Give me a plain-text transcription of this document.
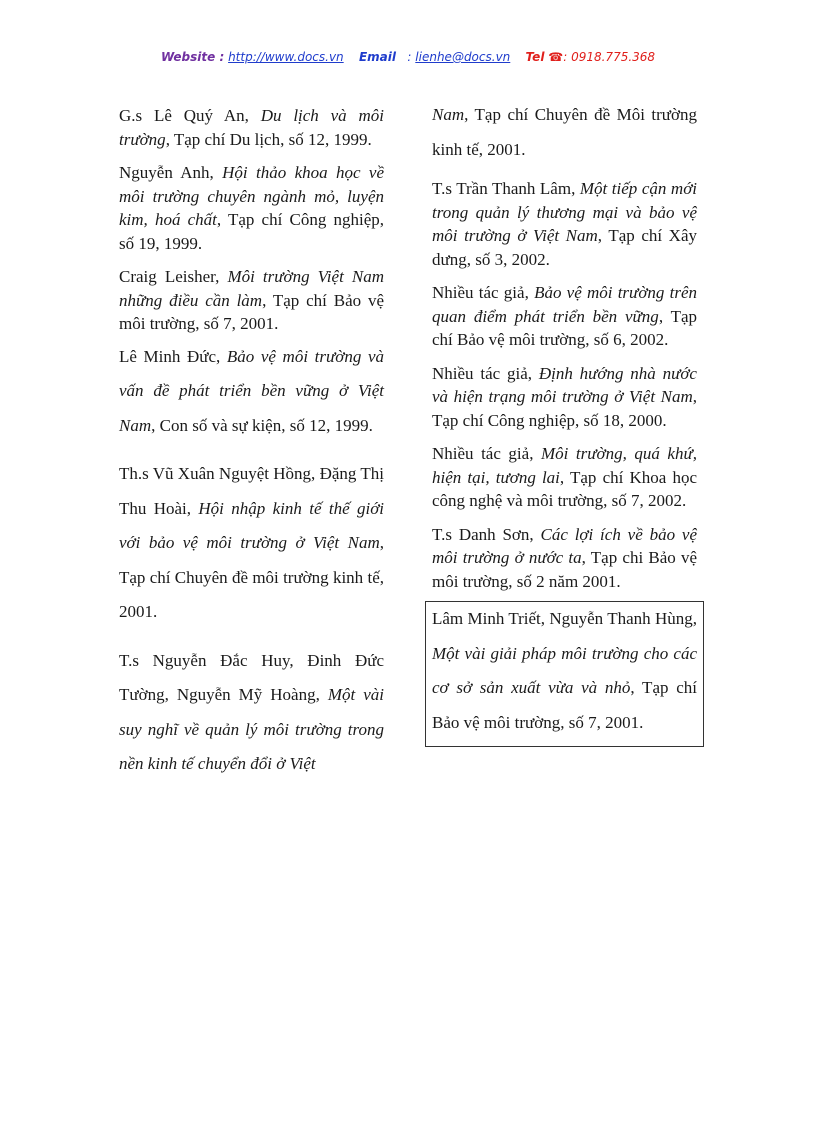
Website : http://www.docs.vn Email : lienhe@docs.vn Tel ☎: 0918.775.368

G.s Lê Quý An, Du lịch và môi trường, Tạp chí Du lịch, số 12, 1999.

Nguyễn Anh, Hội thảo khoa học về môi trường chuyên ngành mỏ, luyện kim, hoá chất, Tạp chí Công nghiệp, số 19, 1999.

Craig Leisher, Môi trường Việt Nam những điều cần làm, Tạp chí Bảo vệ môi trường, số 7, 2001.

Lê Minh Đức, Bảo vệ môi trường và vấn đề phát triển bền vững ở Việt Nam, Con số và sự kiện, số 12, 1999.

Th.s Vũ Xuân Nguyệt Hồng, Đặng Thị Thu Hoài, Hội nhập kinh tế thế giới với bảo vệ môi trường ở Việt Nam, Tạp chí Chuyên đề môi trường kinh tế, 2001.

T.s Nguyễn Đắc Huy, Đinh Đức Tường, Nguyễn Mỹ Hoàng, Một vài suy nghĩ về quản lý môi trường trong nền kinh tế chuyển đổi ở Việt

Nam, Tạp chí Chuyên đề Môi trường kinh tế, 2001.

T.s Trần Thanh Lâm, Một tiếp cận mới trong quản lý thương mại và bảo vệ môi trường ở Việt Nam, Tạp chí Xây dưng, số 3, 2002.

Nhiều tác giả, Bảo vệ môi trường trên quan điểm phát triển bền vững, Tạp chí Bảo vệ môi trường, số 6, 2002.

Nhiều tác giả, Định hướng nhà nước và hiện trạng môi trường ở Việt Nam, Tạp chí Công nghiệp, số 18, 2000.

Nhiều tác giả, Môi trường, quá khứ, hiện tại, tương lai, Tạp chí Khoa học công nghệ và môi trường, số 7, 2002.

T.s Danh Sơn, Các lợi ích về bảo vệ môi trường ở nước ta, Tạp chi Bảo vệ môi trường, số 2 năm 2001.

Lâm Minh Triết, Nguyễn Thanh Hùng, Một vài giải pháp môi trường cho các cơ sở sản xuất vừa và nhỏ, Tạp chí Bảo vệ môi trường, số 7, 2001.
